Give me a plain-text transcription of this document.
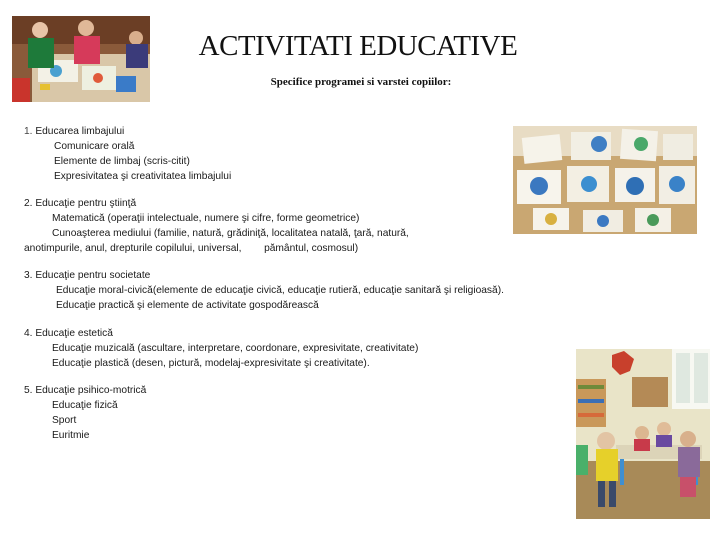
ACTIVITATI EDUCATIVE
Specifice programei si varstei copiilor:
1. Educarea limbajului
Comunicare orală
Elemente de limbaj (scris-citit)
Expresivitatea şi creativitatea limbajului
2. Educaţie pentru ştiinţă
Matematică (operaţii intelectuale, numere şi cifre, forme geometrice)
Cunoaşterea mediului (familie, natură, grădiniţă, localitatea natală, ţară, natură,
anotimpurile, anul, drepturile copilului, universal,        pământul, cosmosul)
3. Educaţie pentru societate
Educaţie moral-civică(elemente de educaţie civică, educaţie rutieră, educaţie sanitară şi religioasă).
Educaţie practică şi elemente de activitate gospodărească
4. Educaţie estetică
Educaţie muzicală (ascultare, interpretare, coordonare, expresivitate, creativitate)
Educaţie plastică (desen, pictură, modelaj-expresivitate şi creativitate).
5. Educaţie psihico-motrică
Educaţie fizică
Sport
Euritmie
